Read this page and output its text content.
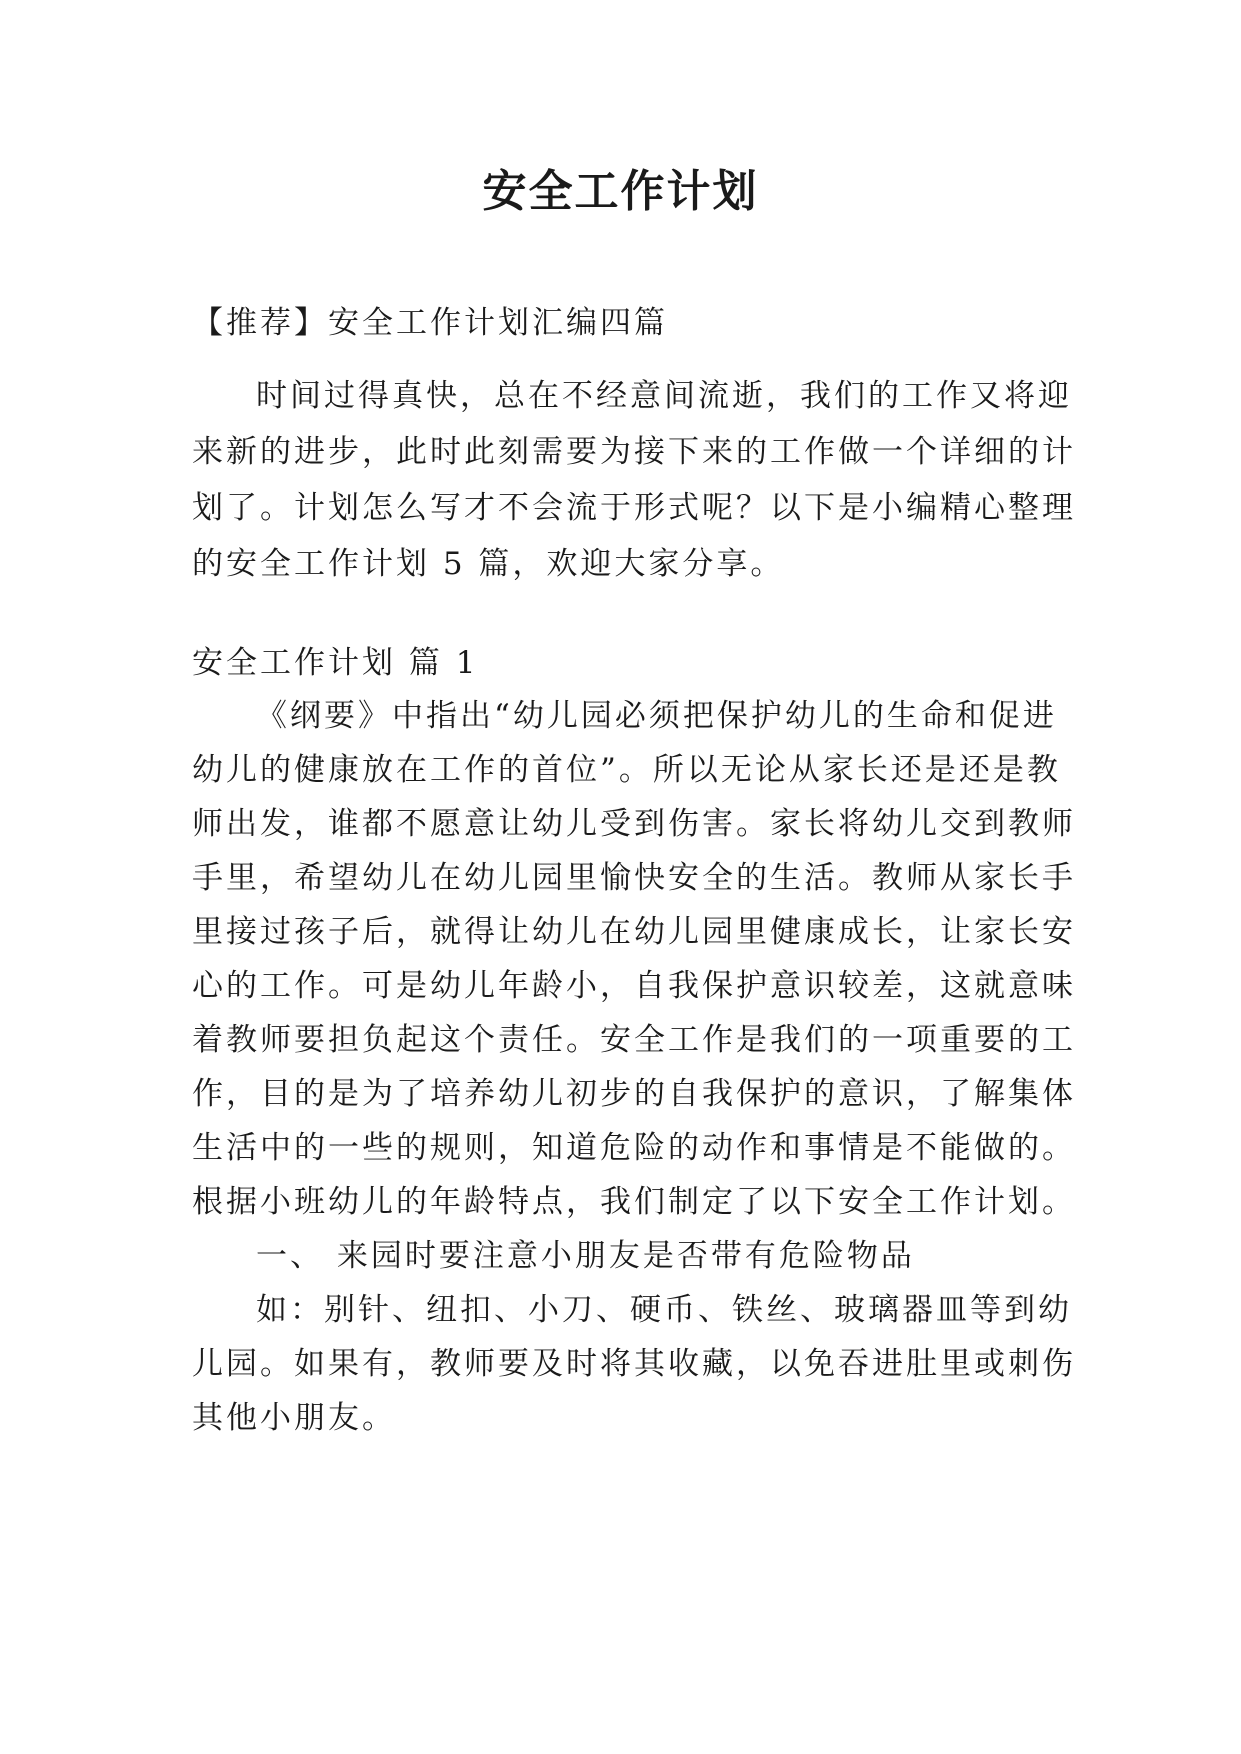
安全工作计划
【推荐】安全工作计划汇编四篇
时间过得真快，总在不经意间流逝，我们的工作又将迎
来新的进步，此时此刻需要为接下来的工作做一个详细的计
划了。计划怎么写才不会流于形式呢？以下是小编精心整理
的安全工作计划 5 篇，欢迎大家分享。
安全工作计划 篇 1
《纲要》中指出“幼儿园必须把保护幼儿的生命和促进
幼儿的健康放在工作的首位”。所以无论从家长还是还是教
师出发，谁都不愿意让幼儿受到伤害。家长将幼儿交到教师
手里，希望幼儿在幼儿园里愉快安全的生活。教师从家长手
里接过孩子后，就得让幼儿在幼儿园里健康成长，让家长安
心的工作。可是幼儿年龄小，自我保护意识较差，这就意味
着教师要担负起这个责任。安全工作是我们的一项重要的工
作，目的是为了培养幼儿初步的自我保护的意识，了解集体
生活中的一些的规则，知道危险的动作和事情是不能做的。
根据小班幼儿的年龄特点，我们制定了以下安全工作计划。
一、 来园时要注意小朋友是否带有危险物品
如：别针、纽扣、小刀、硬币、铁丝、玻璃器皿等到幼
儿园。如果有，教师要及时将其收藏，以免吞进肚里或刺伤
其他小朋友。
